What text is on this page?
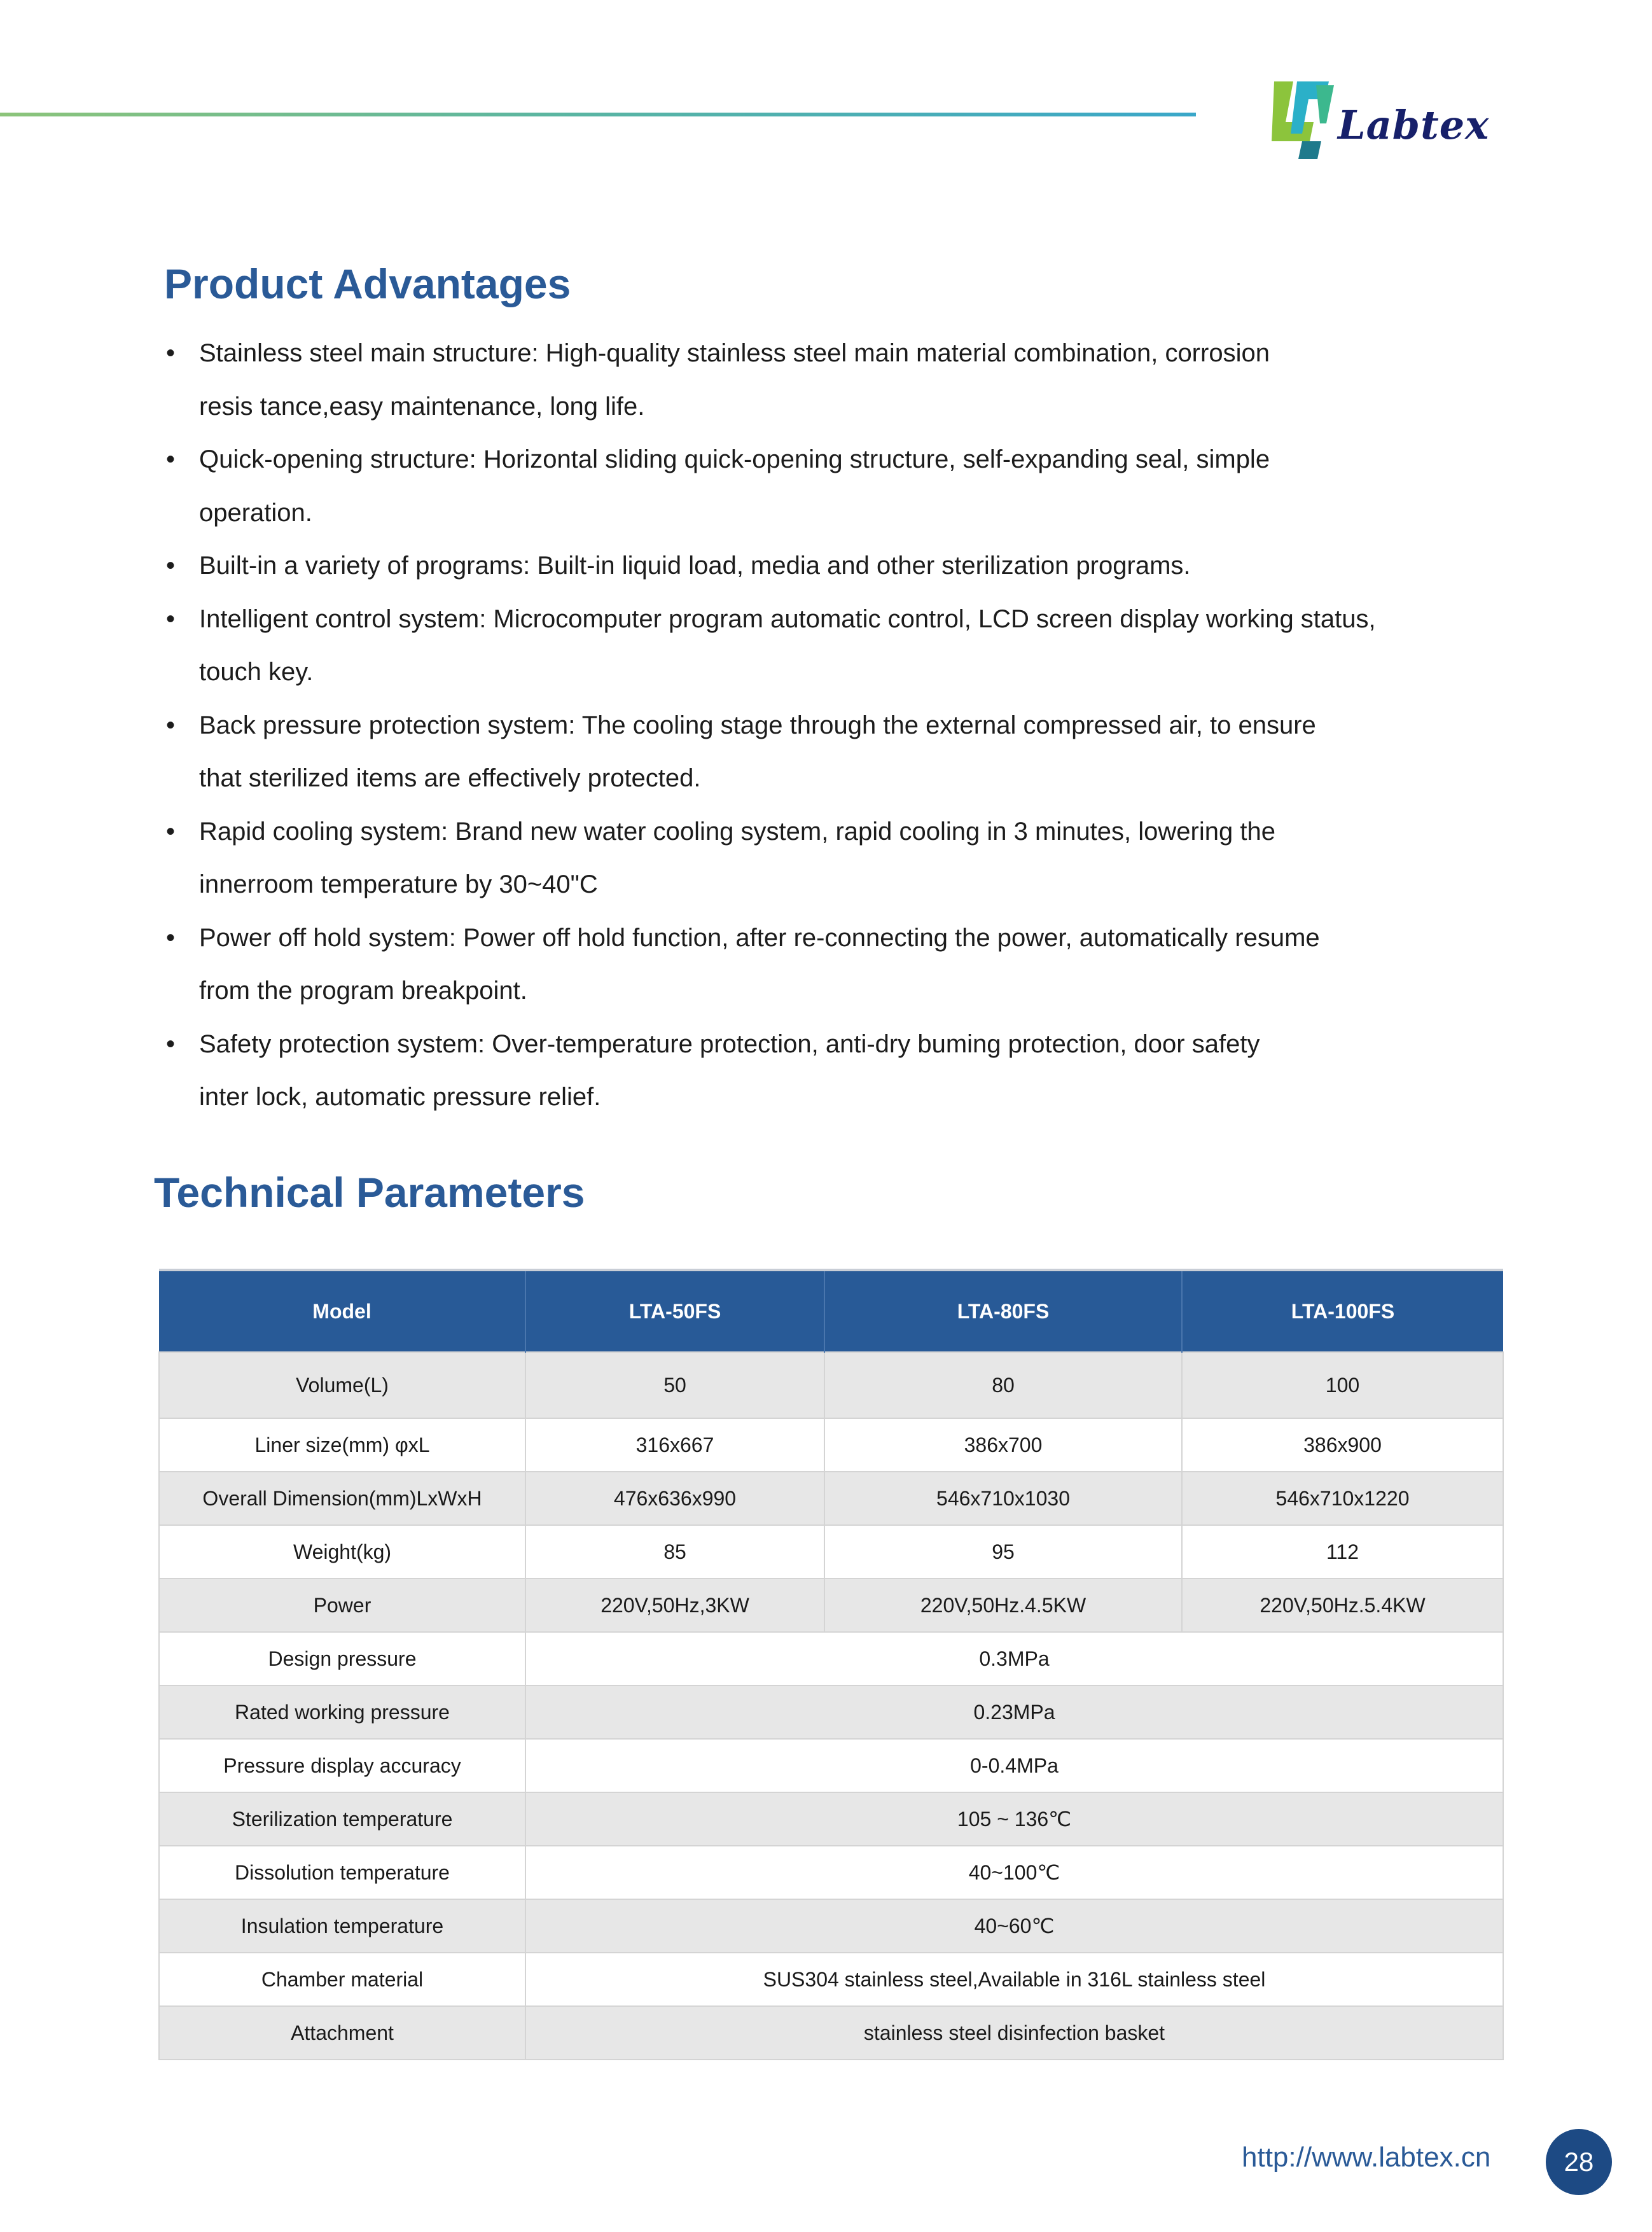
Labtex
Product Advantages
• Stainless steel main structure: High-quality stainless steel main material combination, corrosion
resis tance,easy maintenance, long life.
• Quick-opening structure: Horizontal sliding quick-opening structure, self-expanding seal, simple
operation.
• Built-in a variety of programs: Built-in liquid load, media and other sterilization programs.
• Intelligent control system: Microcomputer program automatic control, LCD screen display working status,
touch key.
• Back pressure protection system: The cooling stage through the external compressed air, to ensure
that sterilized items are effectively protected.
• Rapid cooling system: Brand new water cooling system, rapid cooling in 3 minutes, lowering the
innerroom temperature by 30~40"C
• Power off hold system: Power off hold function, after re-connecting the power, automatically resume
from the program breakpoint.
• Safety protection system: Over-temperature protection, anti-dry buming protection, door safety
inter lock, automatic pressure relief.
Technical Parameters
Model	LTA-50FS	LTA-80FS	LTA-100FS
Volume(L)	50	80	100
Liner size(mm) φxL	316x667	386x700	386x900
Overall Dimension(mm)LxWxH	476x636x990	546x710x1030	546x710x1220
Weight(kg)	85	95	112
Power	220V,50Hz,3KW	220V,50Hz.4.5KW	220V,50Hz.5.4KW
Design pressure	0.3MPa		
Rated working pressure	0.23MPa		
Pressure display accuracy	0-0.4MPa		
Sterilization temperature	105 ~ 136℃		
Dissolution temperature	40~100℃		
Insulation temperature	40~60℃		
Chamber material	SUS304 stainless steel,Available in 316L stainless steel		
Attachment	stainless steel disinfection basket		
http://www.labtex.cn	28
